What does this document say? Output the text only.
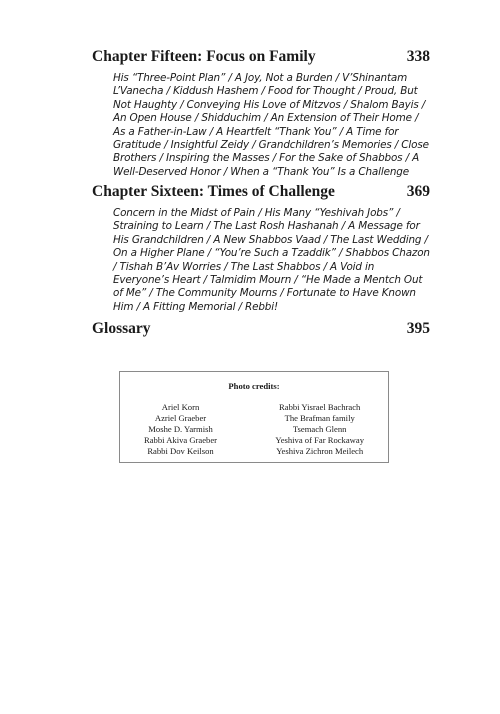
Chapter Fifteen: Focus on Family	338

His “Three-Point Plan” / A Joy, Not a Burden / V’Shinantam L’Vanecha / Kiddush Hashem / Food for Thought / Proud, But Not Haughty / Conveying His Love of Mitzvos / Shalom Bayis / An Open House / Shidduchim / An Extension of Their Home / As a Father-in-Law / A Heartfelt “Thank You” / A Time for Gratitude / Insightful Zeidy / Grandchildren’s Memories / Close Brothers / Inspiring the Masses / For the Sake of Shabbos / A Well-Deserved Honor / When a “Thank You” Is a Challenge

Chapter Sixteen: Times of Challenge	369

Concern in the Midst of Pain / His Many “Yeshivah Jobs” / Straining to Learn / The Last Rosh Hashanah / A Message for His Grandchildren / A New Shabbos Vaad / The Last Wedding / On a Higher Plane / “You’re Such a Tzaddik” / Shabbos Chazon / Tishah B’Av Worries / The Last Shabbos / A Void in Everyone’s Heart / Talmidim Mourn / “He Made a Mentch Out of Me” / The Community Mourns / Fortunate to Have Known Him / A Fitting Memorial / Rebbi!

Glossary	395
Photo credits:
Ariel Korn
Azriel Graeber
Moshe D. Yarmish
Rabbi Akiva Graeber
Rabbi Dov Keilson
Rabbi Yisrael Bachrach
The Brafman family
Tsemach Glenn
Yeshiva of Far Rockaway
Yeshiva Zichron Meilech
